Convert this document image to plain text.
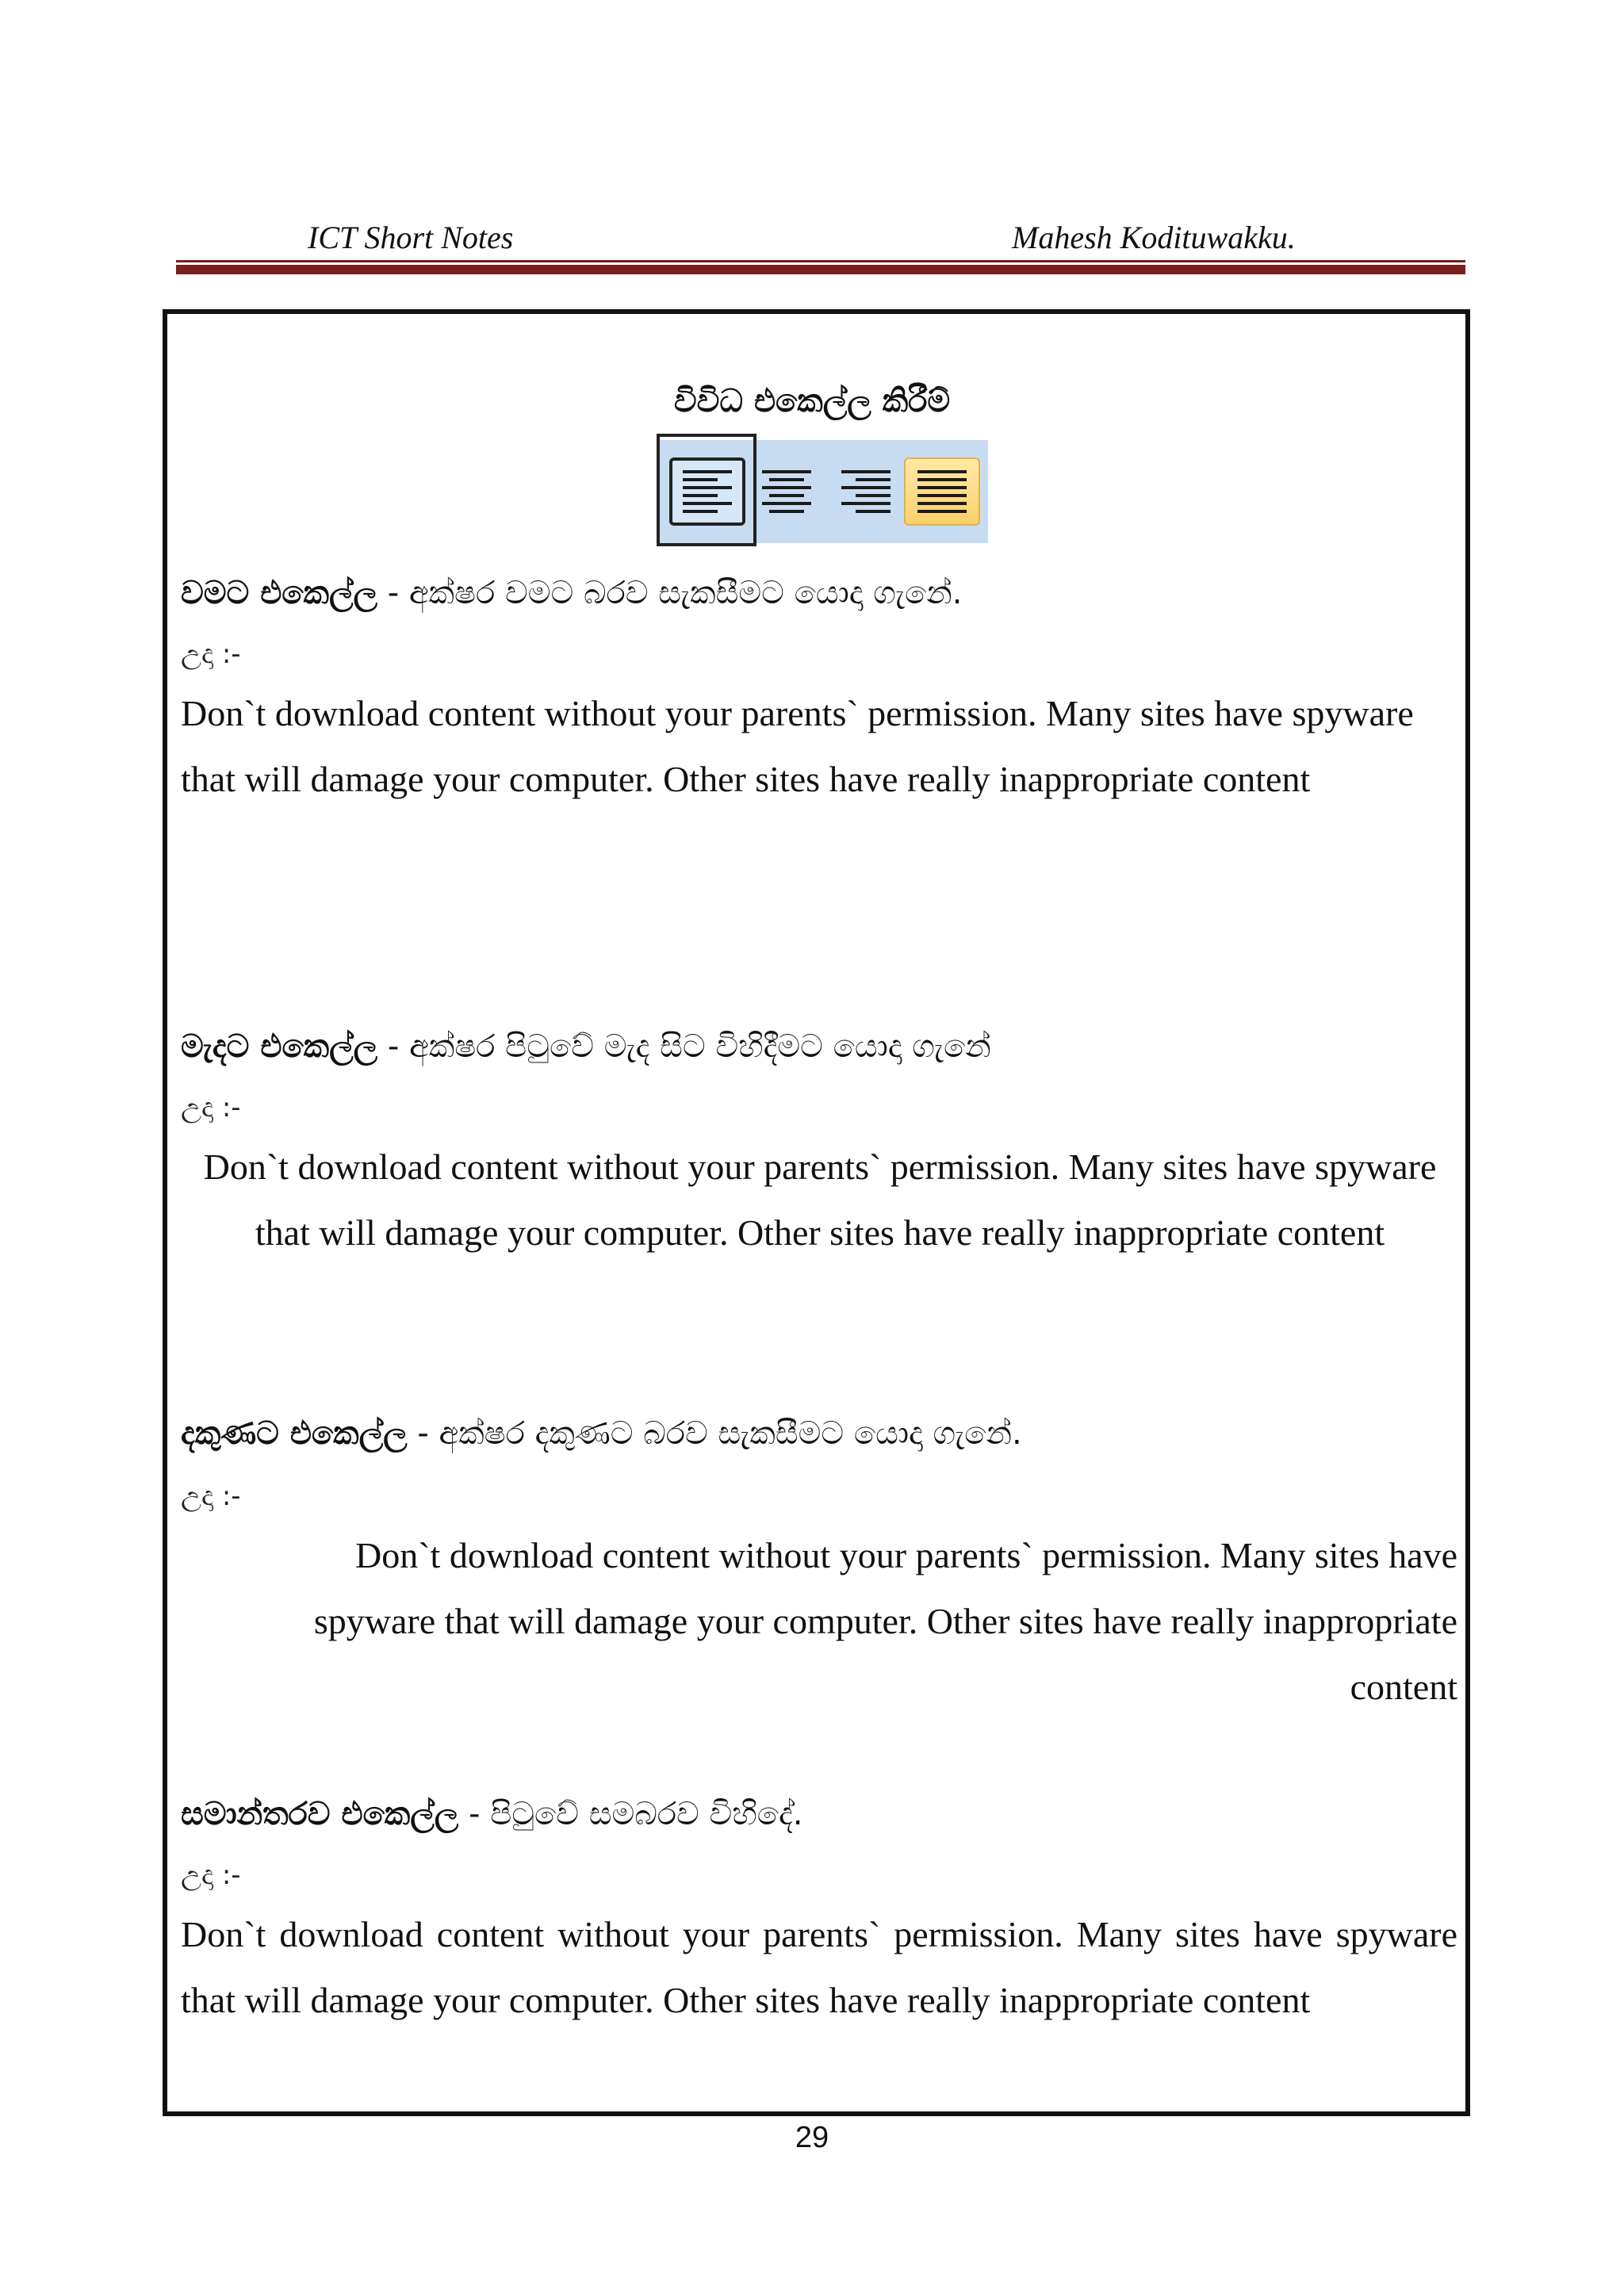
ICT Short Notes	Mahesh Kodituwakku.
විවිධ එකෙල්ල කිරීම්
වමට එකෙල්ල - අක්ෂර වමට බරව සැකසීමට යොදා ගැනේ.
උදා :-
Don`t download content without your parents` permission. Many sites have spyware that will damage your computer. Other sites have really inappropriate content
මැදට එකෙල්ල - අක්ෂර පිටුවේ මැද සිට විහිදීමට යොදා ගැනේ
උදා :-
Don`t download content without your parents` permission. Many sites have spyware that will damage your computer. Other sites have really inappropriate content
දකුණට එකෙල්ල - අක්ෂර දකුණට බරව සැකසීමට යොදා ගැනේ.
උදා :-
Don`t download content without your parents` permission. Many sites have spyware that will damage your computer. Other sites have really inappropriate content
සමාන්තරව එකෙල්ල - පිටුවේ සමබරව විහිදේ.
උදා :-
Don`t download content without your parents` permission. Many sites have spyware that will damage your computer. Other sites have really inappropriate content
29
